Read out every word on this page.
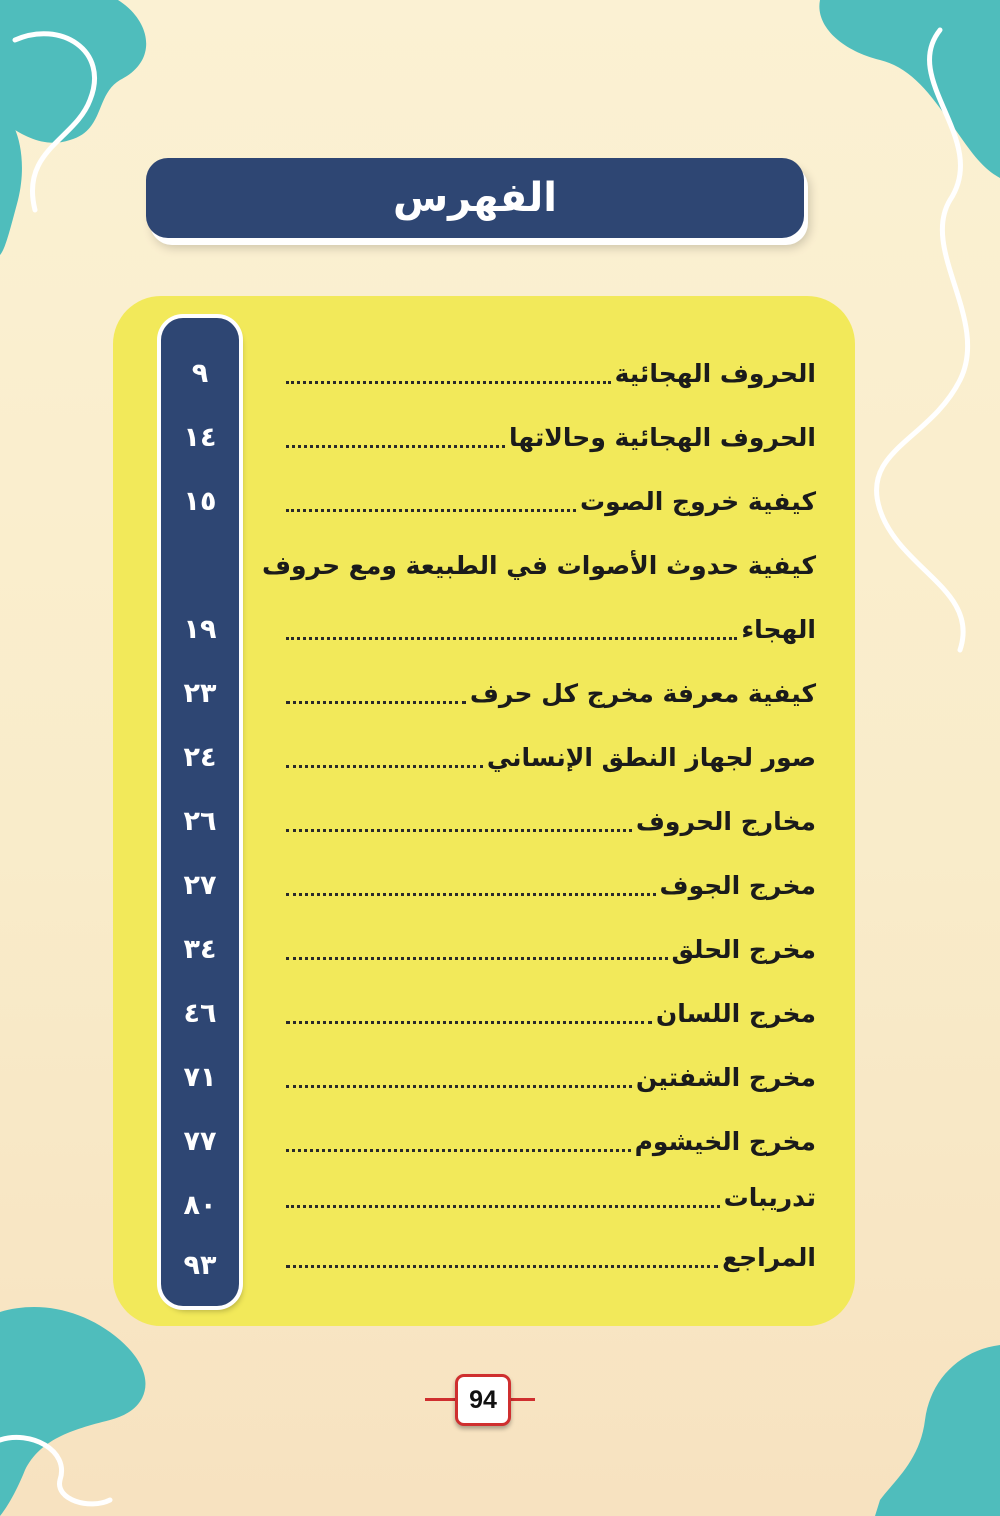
الفهرس
٩
١٤
١٥
١٩
٢٣
٢٤
٢٦
٢٧
٣٤
٤٦
٧١
٧٧
٨٠
٩٣
الحروف الهجائية
الحروف الهجائية وحالاتها
كيفية خروج الصوت
كيفية حدوث الأصوات في الطبيعة ومع حروف
الهجاء
كيفية معرفة مخرج كل حرف
صور لجهاز النطق الإنساني
مخارج الحروف
مخرج الجوف
مخرج الحلق
مخرج اللسان
مخرج الشفتين
مخرج الخيشوم
تدريبات
المراجع
94
